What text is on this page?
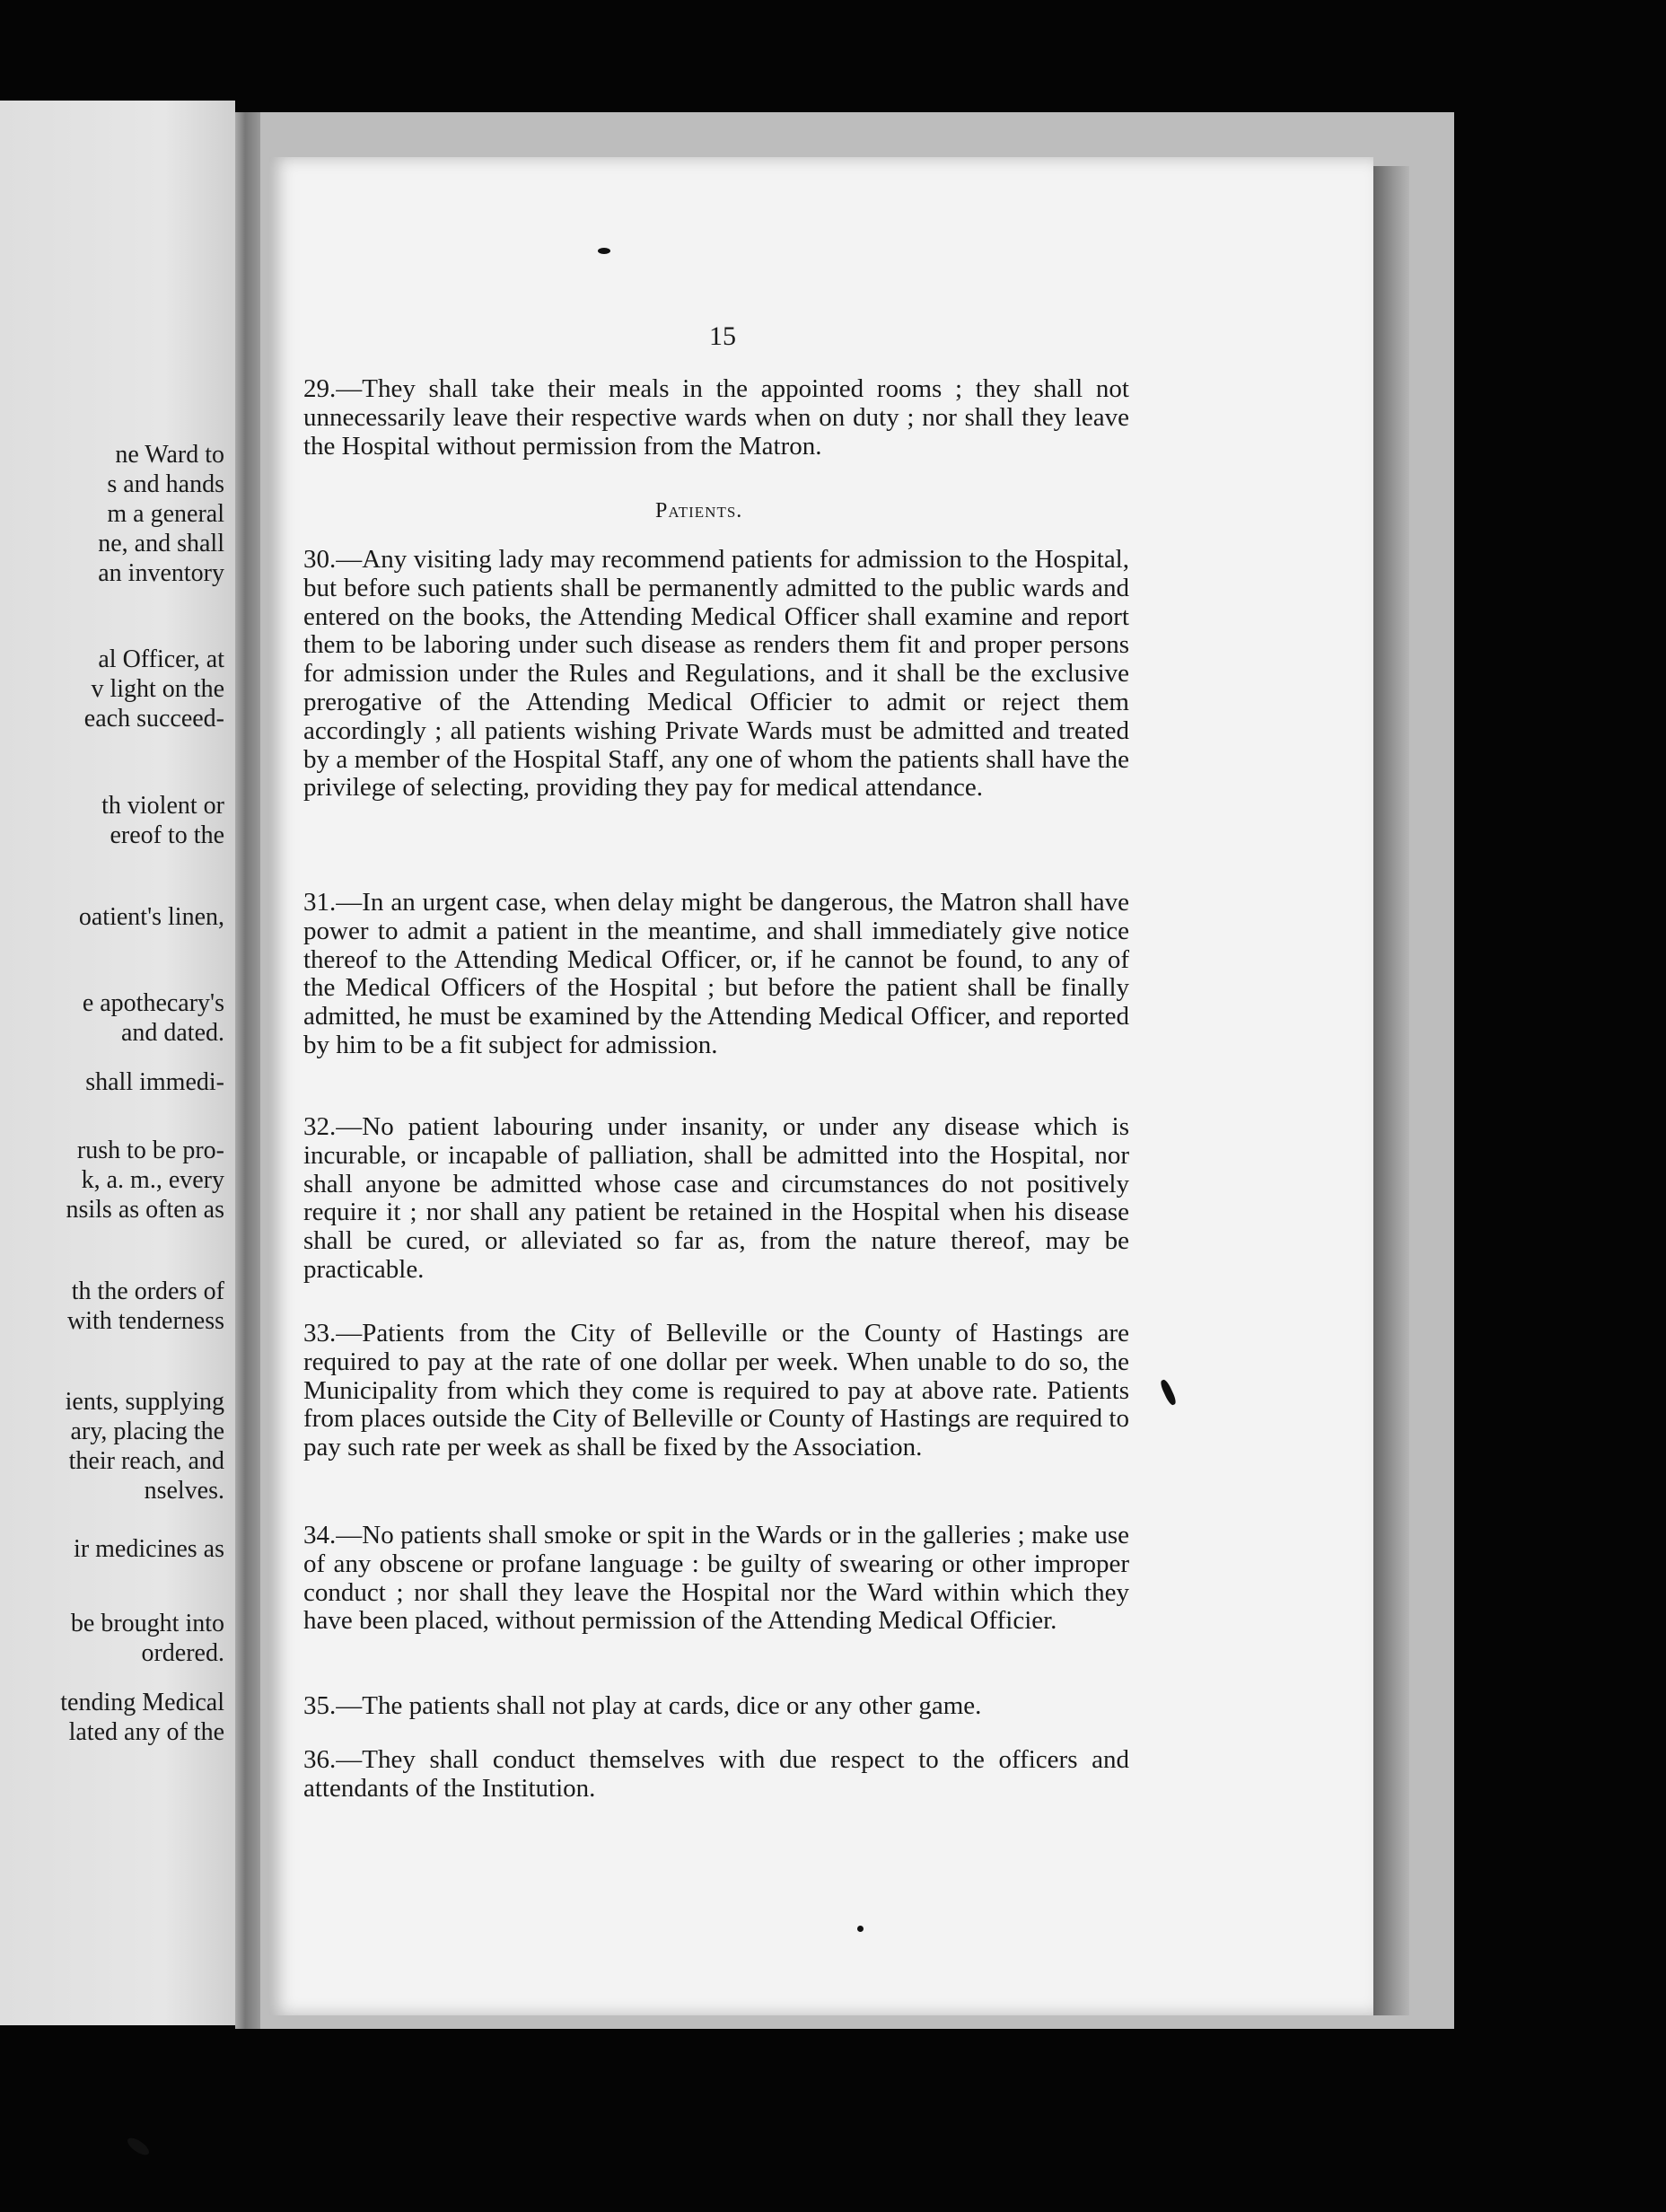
ne Ward to
s and hands
m a general
ne, and shall
an inventory
al Officer, at
v light on the
each succeed-
th violent or
ereof to the
oatient's linen,
e apothecary's
and dated.
shall immedi-
rush to be pro-
k, a. m., every
nsils as often as
th the orders of
with tenderness
ients, supplying
ary, placing the
their reach, and
nselves.
ir medicines as
be brought into
ordered.
tending Medical
lated any of the
15

29.—They shall take their meals in the appointed rooms ; they shall not unnecessarily leave their respective wards when on duty ; nor shall they leave the Hospital without permission from the Matron.

Patients.

30.—Any visiting lady may recommend patients for admission to the Hospital, but before such patients shall be permanently admitted to the public wards and entered on the books, the Attending Medical Officer shall examine and report them to be laboring under such disease as renders them fit and proper persons for admission under the Rules and Regulations, and it shall be the exclusive prerogative of the Attending Medical Officier to admit or reject them accordingly ; all patients wishing Private Wards must be admitted and treated by a member of the Hospital Staff, any one of whom the patients shall have the privilege of selecting, providing they pay for medical attendance.

31.—In an urgent case, when delay might be dangerous, the Matron shall have power to admit a patient in the meantime, and shall immediately give notice thereof to the Attending Medical Officer, or, if he cannot be found, to any of the Medical Officers of the Hospital ; but before the patient shall be finally admitted, he must be examined by the Attending Medical Officer, and reported by him to be a fit subject for admission.

32.—No patient labouring under insanity, or under any disease which is incurable, or incapable of palliation, shall be admitted into the Hospital, nor shall anyone be admitted whose case and circumstances do not positively require it ; nor shall any patient be retained in the Hospital when his disease shall be cured, or alleviated so far as, from the nature thereof, may be practicable.

33.—Patients from the City of Belleville or the County of Hastings are required to pay at the rate of one dollar per week. When unable to do so, the Municipality from which they come is required to pay at above rate. Patients from places outside the City of Belleville or County of Hastings are required to pay such rate per week as shall be fixed by the Association.

34.—No patients shall smoke or spit in the Wards or in the galleries ; make use of any obscene or profane language : be guilty of swearing or other improper conduct ; nor shall they leave the Hospital nor the Ward within which they have been placed, without permission of the Attending Medical Officier.

35.—The patients shall not play at cards, dice or any other game.

36.—They shall conduct themselves with due respect to the officers and attendants of the Institution.
